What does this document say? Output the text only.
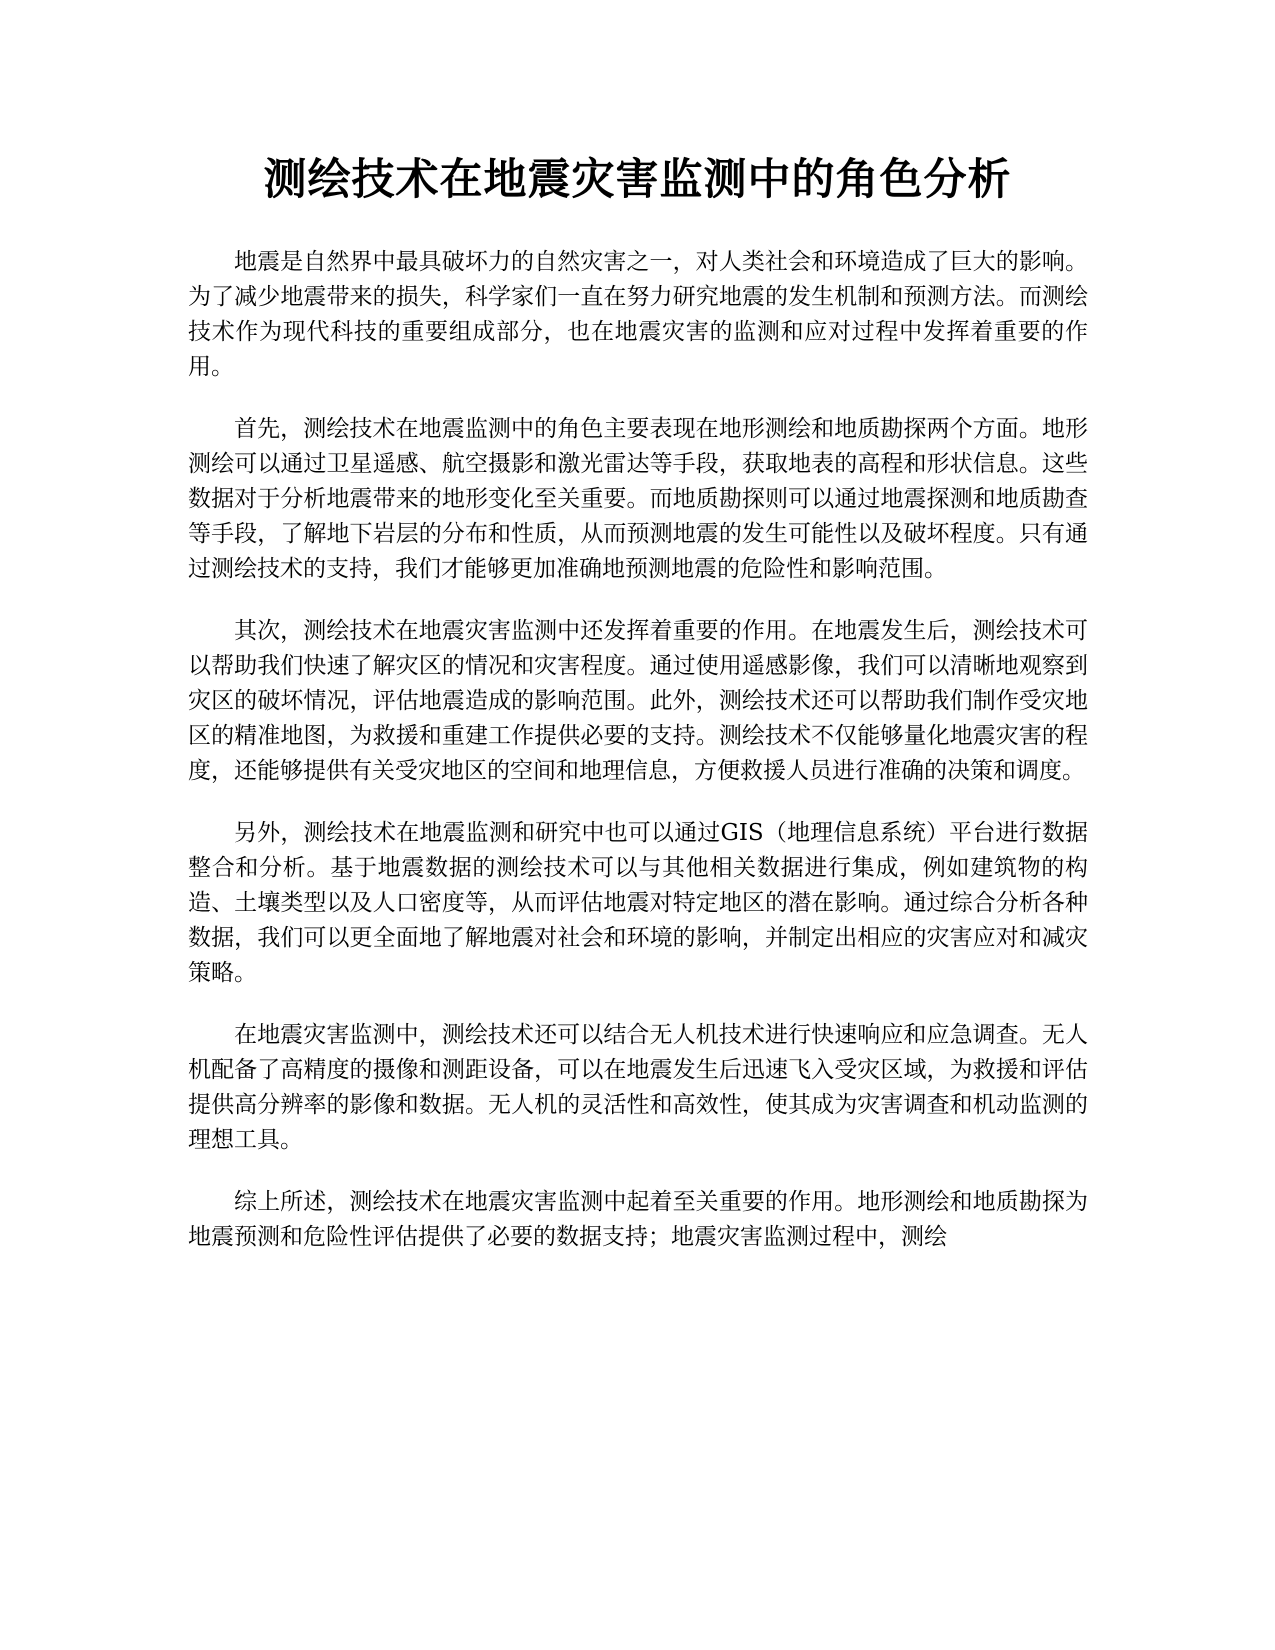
测绘技术在地震灾害监测中的角色分析

地震是自然界中最具破坏力的自然灾害之一，对人类社会和环境造成了巨大的影响。为了减少地震带来的损失，科学家们一直在努力研究地震的发生机制和预测方法。而测绘技术作为现代科技的重要组成部分，也在地震灾害的监测和应对过程中发挥着重要的作用。

首先，测绘技术在地震监测中的角色主要表现在地形测绘和地质勘探两个方面。地形测绘可以通过卫星遥感、航空摄影和激光雷达等手段，获取地表的高程和形状信息。这些数据对于分析地震带来的地形变化至关重要。而地质勘探则可以通过地震探测和地质勘查等手段，了解地下岩层的分布和性质，从而预测地震的发生可能性以及破坏程度。只有通过测绘技术的支持，我们才能够更加准确地预测地震的危险性和影响范围。

其次，测绘技术在地震灾害监测中还发挥着重要的作用。在地震发生后，测绘技术可以帮助我们快速了解灾区的情况和灾害程度。通过使用遥感影像，我们可以清晰地观察到灾区的破坏情况，评估地震造成的影响范围。此外，测绘技术还可以帮助我们制作受灾地区的精准地图，为救援和重建工作提供必要的支持。测绘技术不仅能够量化地震灾害的程度，还能够提供有关受灾地区的空间和地理信息，方便救援人员进行准确的决策和调度。

另外，测绘技术在地震监测和研究中也可以通过GIS（地理信息系统）平台进行数据整合和分析。基于地震数据的测绘技术可以与其他相关数据进行集成，例如建筑物的构造、土壤类型以及人口密度等，从而评估地震对特定地区的潜在影响。通过综合分析各种数据，我们可以更全面地了解地震对社会和环境的影响，并制定出相应的灾害应对和减灾策略。

在地震灾害监测中，测绘技术还可以结合无人机技术进行快速响应和应急调查。无人机配备了高精度的摄像和测距设备，可以在地震发生后迅速飞入受灾区域，为救援和评估提供高分辨率的影像和数据。无人机的灵活性和高效性，使其成为灾害调查和机动监测的理想工具。

综上所述，测绘技术在地震灾害监测中起着至关重要的作用。地形测绘和地质勘探为地震预测和危险性评估提供了必要的数据支持；地震灾害监测过程中，测绘
